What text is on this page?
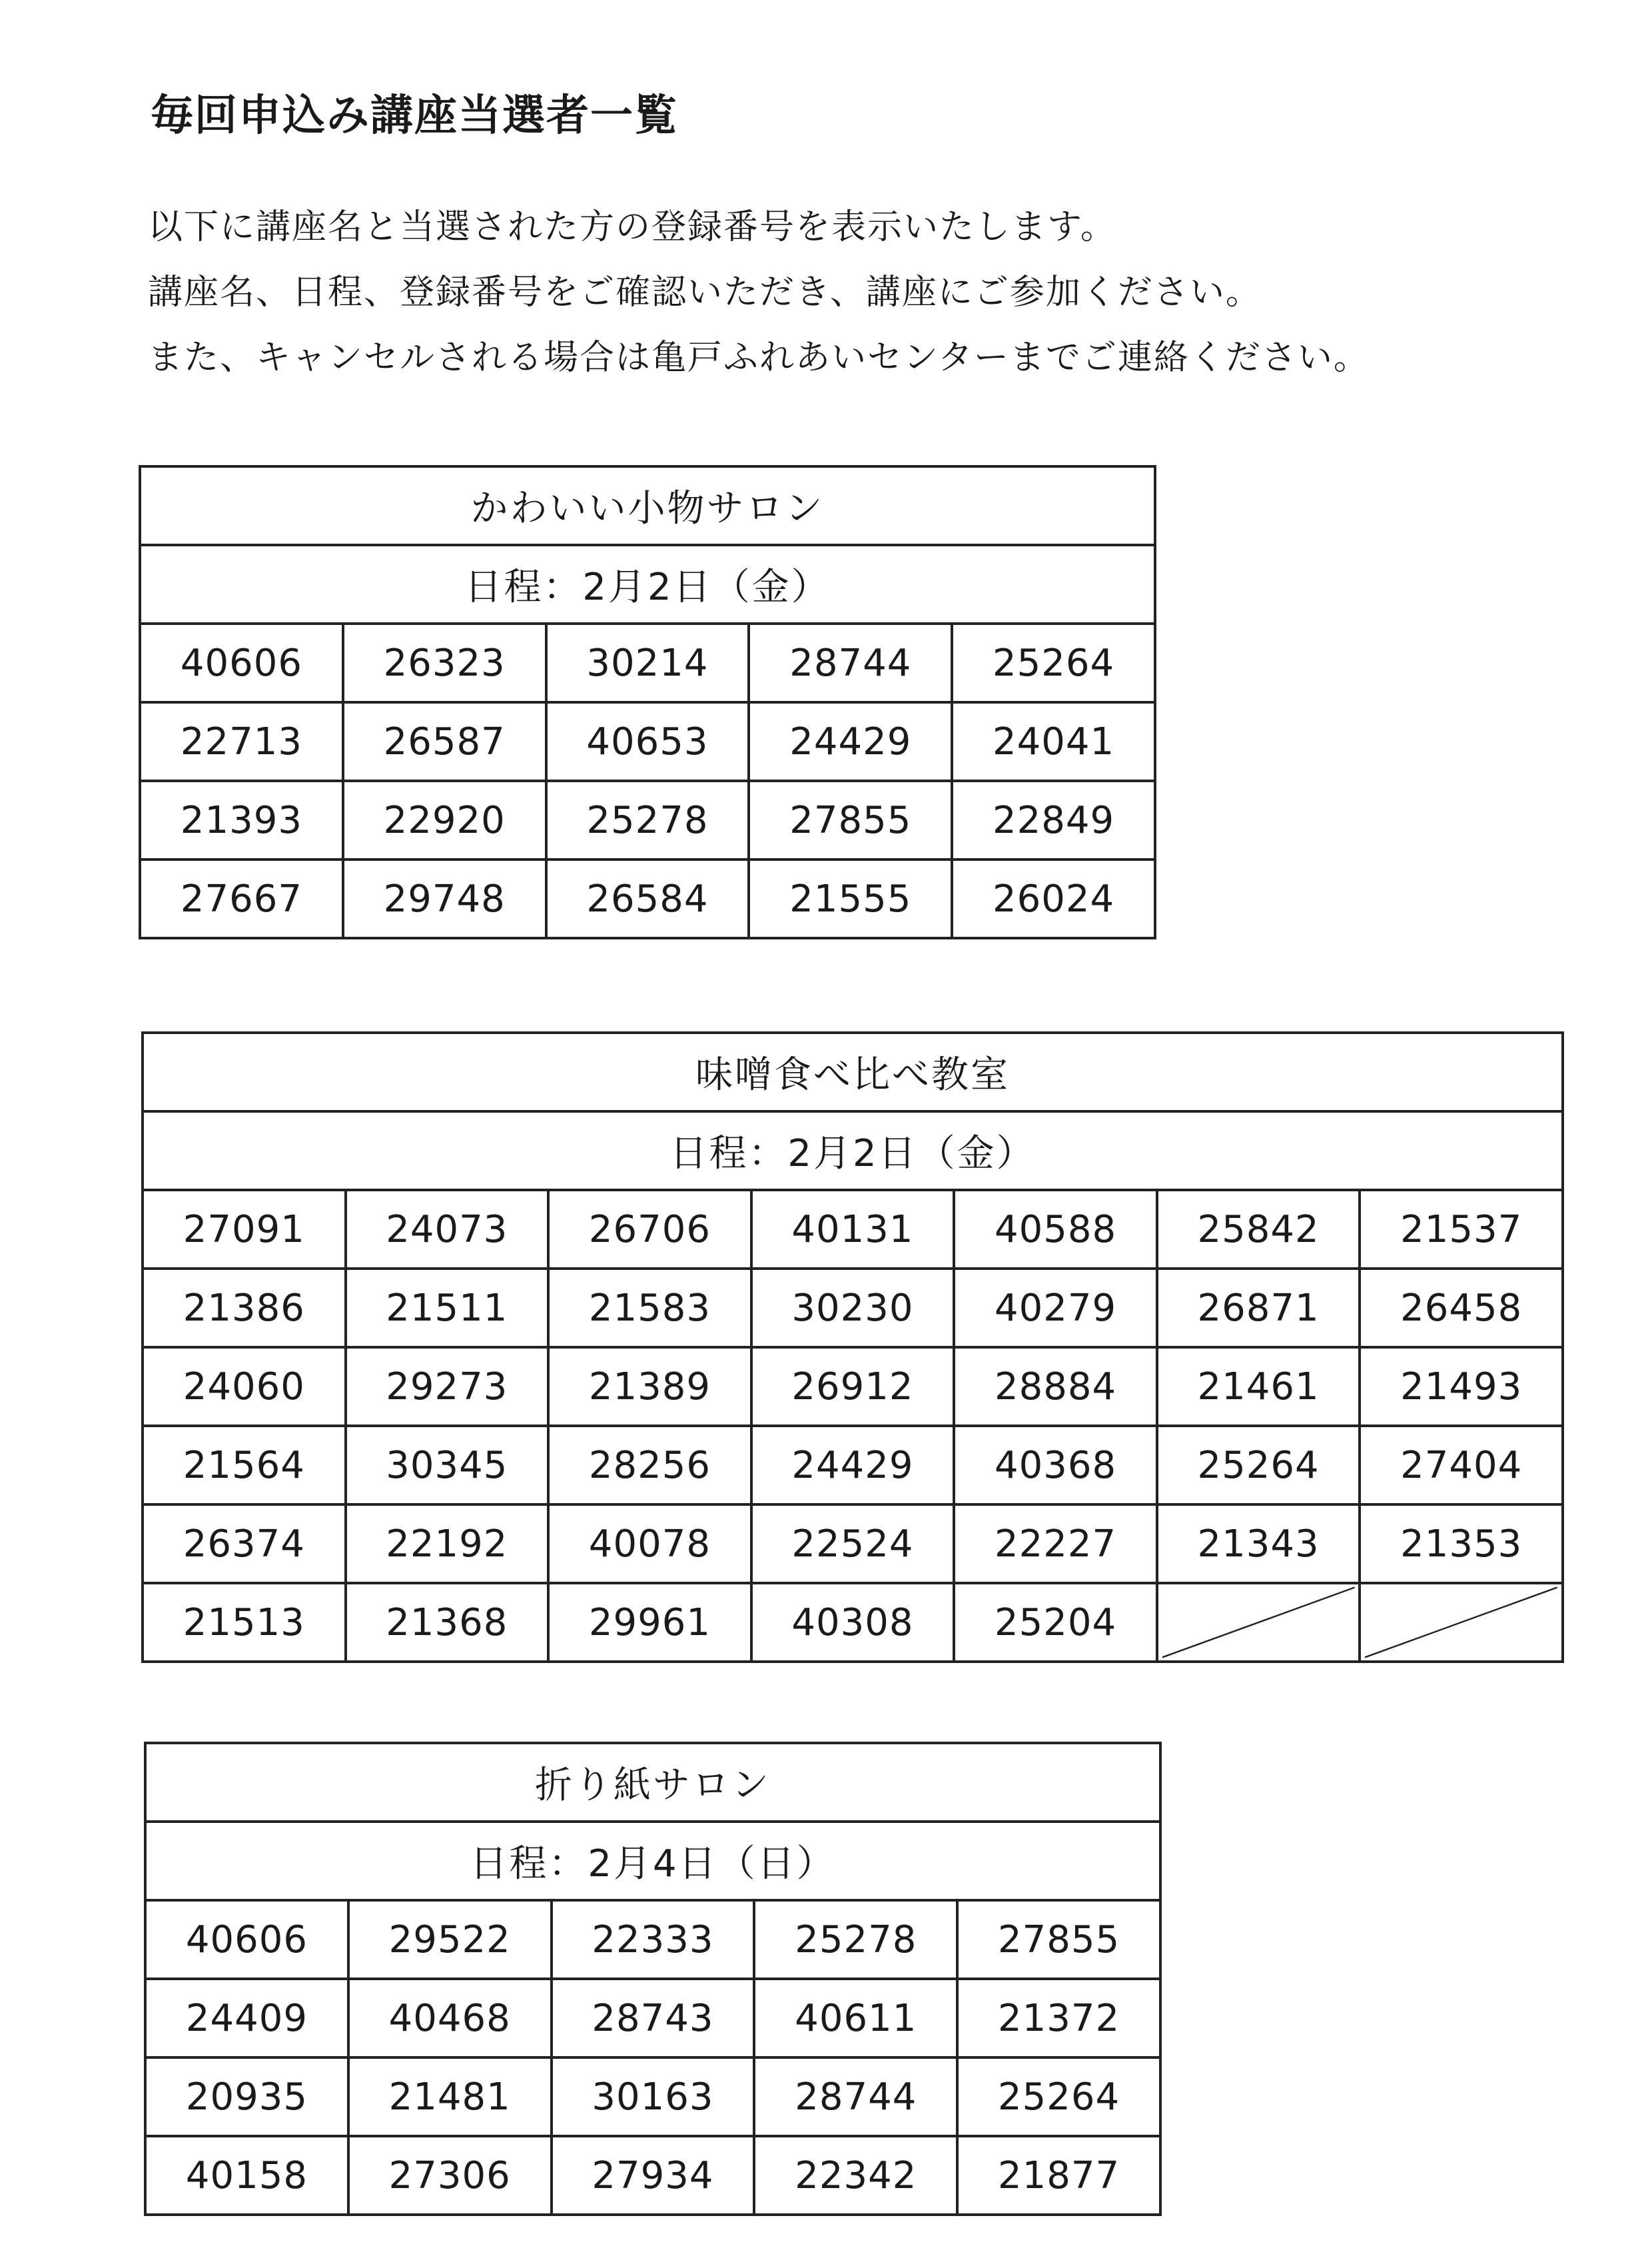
毎回申込み講座当選者一覧

以下に講座名と当選された方の登録番号を表示いたします。

講座名、日程、登録番号をご確認いただき、講座にご参加ください。

また、キャンセルされる場合は亀戸ふれあいセンターまでご連絡ください。

かわいい小物サロン				
日程：2月2日（金）				
40606	26323	30214	28744	25264
22713	26587	40653	24429	24041
21393	22920	25278	27855	22849
27667	29748	26584	21555	26024
味噌食べ比べ教室						
日程：2月2日（金）						
27091	24073	26706	40131	40588	25842	21537
21386	21511	21583	30230	40279	26871	26458
24060	29273	21389	26912	28884	21461	21493
21564	30345	28256	24429	40368	25264	27404
26374	22192	40078	22524	22227	21343	21353
21513	21368	29961	40308	25204	

折り紙サロン				
日程：2月4日（日）				
40606	29522	22333	25278	27855
24409	40468	28743	40611	21372
20935	21481	30163	28744	25264
40158	27306	27934	22342	21877
